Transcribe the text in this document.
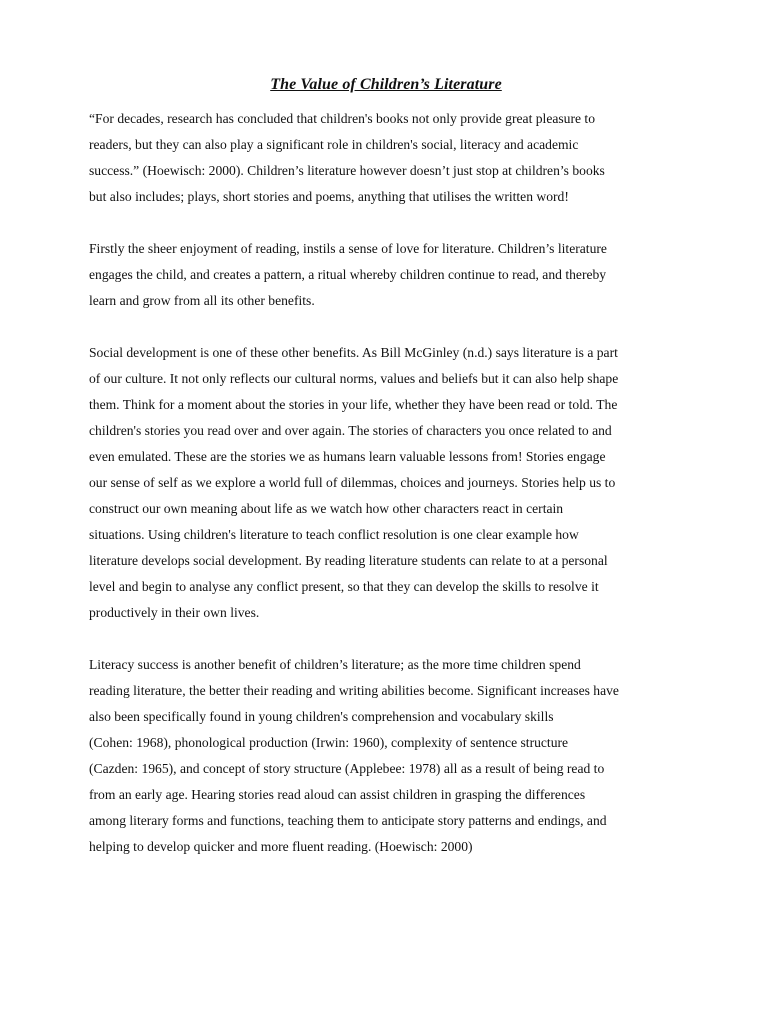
The Value of Children’s Literature
“For decades, research has concluded that children's books not only provide great pleasure to
readers, but they can also play a significant role in children's social, literacy and academic
success.” (Hoewisch: 2000). Children’s literature however doesn’t just stop at children’s books
but also includes; plays, short stories and poems, anything that utilises the written word!
Firstly the sheer enjoyment of reading, instils a sense of love for literature. Children’s literature
engages the child, and creates a pattern, a ritual whereby children continue to read, and thereby
learn and grow from all its other benefits.
Social development is one of these other benefits. As Bill McGinley (n.d.) says literature is a part
of our culture. It not only reflects our cultural norms, values and beliefs but it can also help shape
them. Think for a moment about the stories in your life, whether they have been read or told. The
children's stories you read over and over again. The stories of characters you once related to and
even emulated. These are the stories we as humans learn valuable lessons from! Stories engage
our sense of self as we explore a world full of dilemmas, choices and journeys. Stories help us to
construct our own meaning about life as we watch how other characters react in certain
situations. Using children's literature to teach conflict resolution is one clear example how
literature develops social development. By reading literature students can relate to at a personal
level and begin to analyse any conflict present, so that they can develop the skills to resolve it
productively in their own lives.
Literacy success is another benefit of children’s literature; as the more time children spend
reading literature, the better their reading and writing abilities become. Significant increases have
also been specifically found in young children's comprehension and vocabulary skills
(Cohen: 1968), phonological production (Irwin: 1960), complexity of sentence structure
(Cazden: 1965), and concept of story structure (Applebee: 1978) all as a result of being read to
from an early age. Hearing stories read aloud can assist children in grasping the differences
among literary forms and functions, teaching them to anticipate story patterns and endings, and
helping to develop quicker and more fluent reading. (Hoewisch: 2000)
